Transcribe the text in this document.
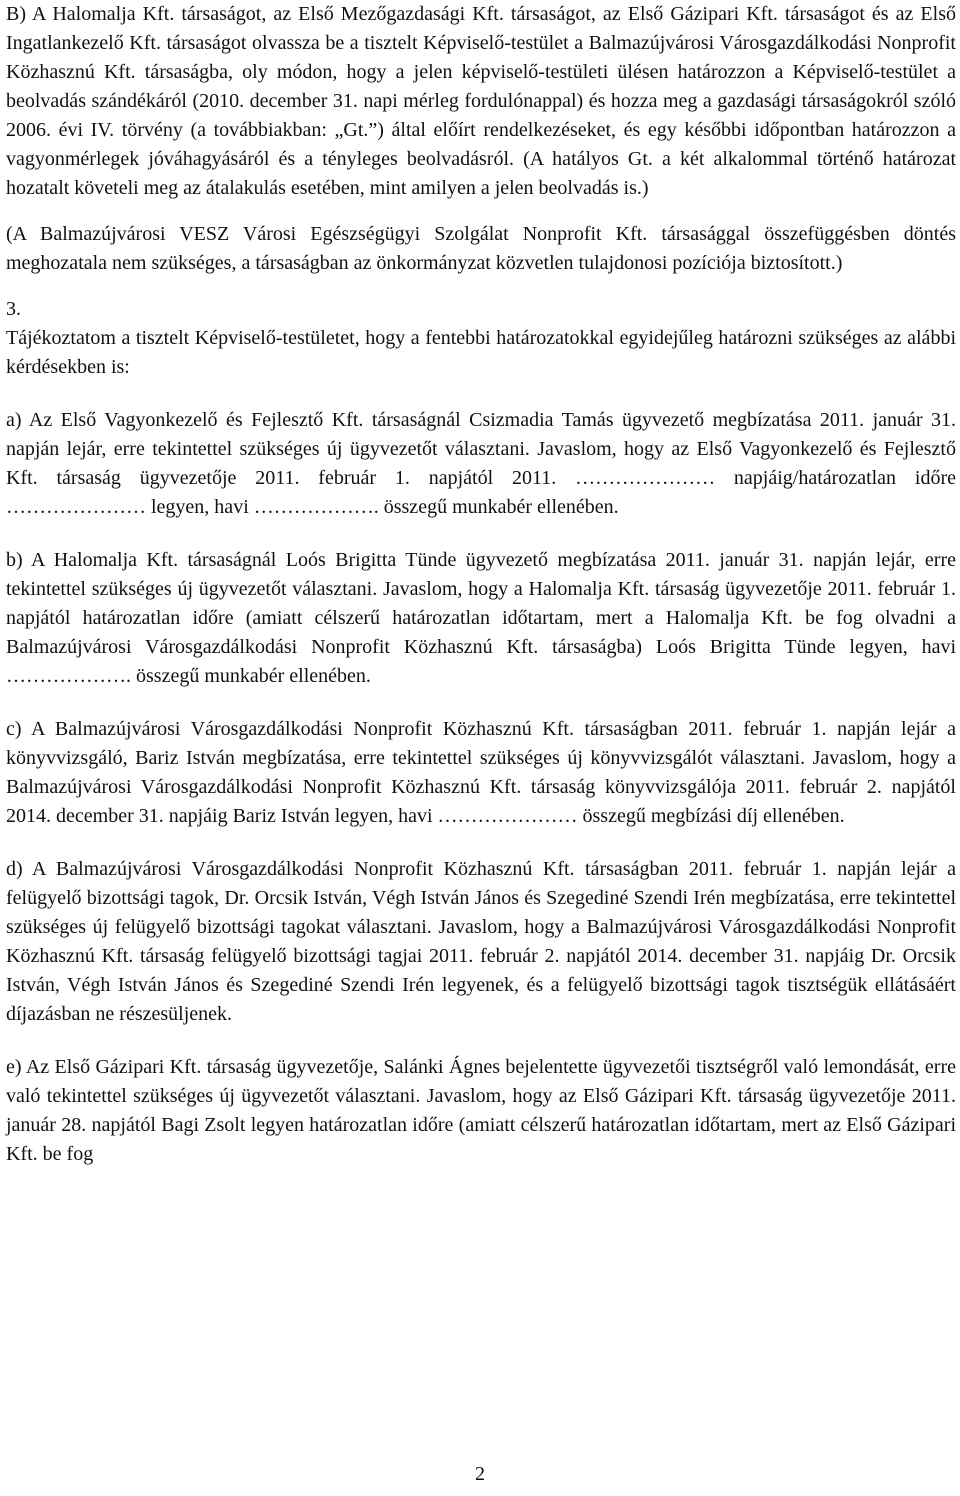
B) A Halomalja Kft. társaságot, az Első Mezőgazdasági Kft. társaságot, az Első Gázipari Kft. társaságot és az Első Ingatlankezelő Kft. társaságot olvassza be a tisztelt Képviselő-testület a Balmazújvárosi Városgazdálkodási Nonprofit Közhasznú Kft. társaságba, oly módon, hogy a jelen képviselő-testületi ülésen határozzon a Képviselő-testület a beolvadás szándékáról (2010. december 31. napi mérleg fordulónappal) és hozza meg a gazdasági társaságokról szóló 2006. évi IV. törvény (a továbbiakban: „Gt.”) által előírt rendelkezéseket, és egy későbbi időpontban határozzon a vagyonmérlegek jóváhagyásáról és a tényleges beolvadásról. (A hatályos Gt. a két alkalommal történő határozat hozatalt követeli meg az átalakulás esetében, mint amilyen a jelen beolvadás is.)

(A Balmazújvárosi VESZ Városi Egészségügyi Szolgálat Nonprofit Kft. társasággal összefüggésben döntés meghozatala nem szükséges, a társaságban az önkormányzat közvetlen tulajdonosi pozíciója biztosított.)

3.

Tájékoztatom a tisztelt Képviselő-testületet, hogy a fentebbi határozatokkal egyidejűleg határozni szükséges az alábbi kérdésekben is:

a) Az Első Vagyonkezelő és Fejlesztő Kft. társaságnál Csizmadia Tamás ügyvezető megbízatása 2011. január 31. napján lejár, erre tekintettel szükséges új ügyvezetőt választani. Javaslom, hogy az Első Vagyonkezelő és Fejlesztő Kft. társaság ügyvezetője 2011. február 1. napjától 2011. ………………… napjáig/határozatlan időre ………………… legyen, havi ………………. összegű munkabér ellenében.

b) A Halomalja Kft. társaságnál Loós Brigitta Tünde ügyvezető megbízatása 2011. január 31. napján lejár, erre tekintettel szükséges új ügyvezetőt választani. Javaslom, hogy a Halomalja Kft. társaság ügyvezetője 2011. február 1. napjától határozatlan időre (amiatt célszerű határozatlan időtartam, mert a Halomalja Kft. be fog olvadni a Balmazújvárosi Városgazdálkodási Nonprofit Közhasznú Kft. társaságba) Loós Brigitta Tünde legyen, havi ………………. összegű munkabér ellenében.

c) A Balmazújvárosi Városgazdálkodási Nonprofit Közhasznú Kft. társaságban 2011. február 1. napján lejár a könyvvizsgáló, Bariz István megbízatása, erre tekintettel szükséges új könyvvizsgálót választani. Javaslom, hogy a Balmazújvárosi Városgazdálkodási Nonprofit Közhasznú Kft. társaság könyvvizsgálója 2011. február 2. napjától 2014. december 31. napjáig Bariz István legyen, havi ………………… összegű megbízási díj ellenében.

d) A Balmazújvárosi Városgazdálkodási Nonprofit Közhasznú Kft. társaságban 2011. február 1. napján lejár a felügyelő bizottsági tagok, Dr. Orcsik István, Végh István János és Szegediné Szendi Irén megbízatása, erre tekintettel szükséges új felügyelő bizottsági tagokat választani. Javaslom, hogy a Balmazújvárosi Városgazdálkodási Nonprofit Közhasznú Kft. társaság felügyelő bizottsági tagjai 2011. február 2. napjától 2014. december 31. napjáig Dr. Orcsik István, Végh István János és Szegediné Szendi Irén legyenek, és a felügyelő bizottsági tagok tisztségük ellátásáért díjazásban ne részesüljenek.

e) Az Első Gázipari Kft. társaság ügyvezetője, Salánki Ágnes bejelentette ügyvezetői tisztségről való lemondását, erre való tekintettel szükséges új ügyvezetőt választani. Javaslom, hogy az Első Gázipari Kft. társaság ügyvezetője 2011. január 28. napjától Bagi Zsolt legyen határozatlan időre (amiatt célszerű határozatlan időtartam, mert az Első Gázipari Kft. be fog

2
